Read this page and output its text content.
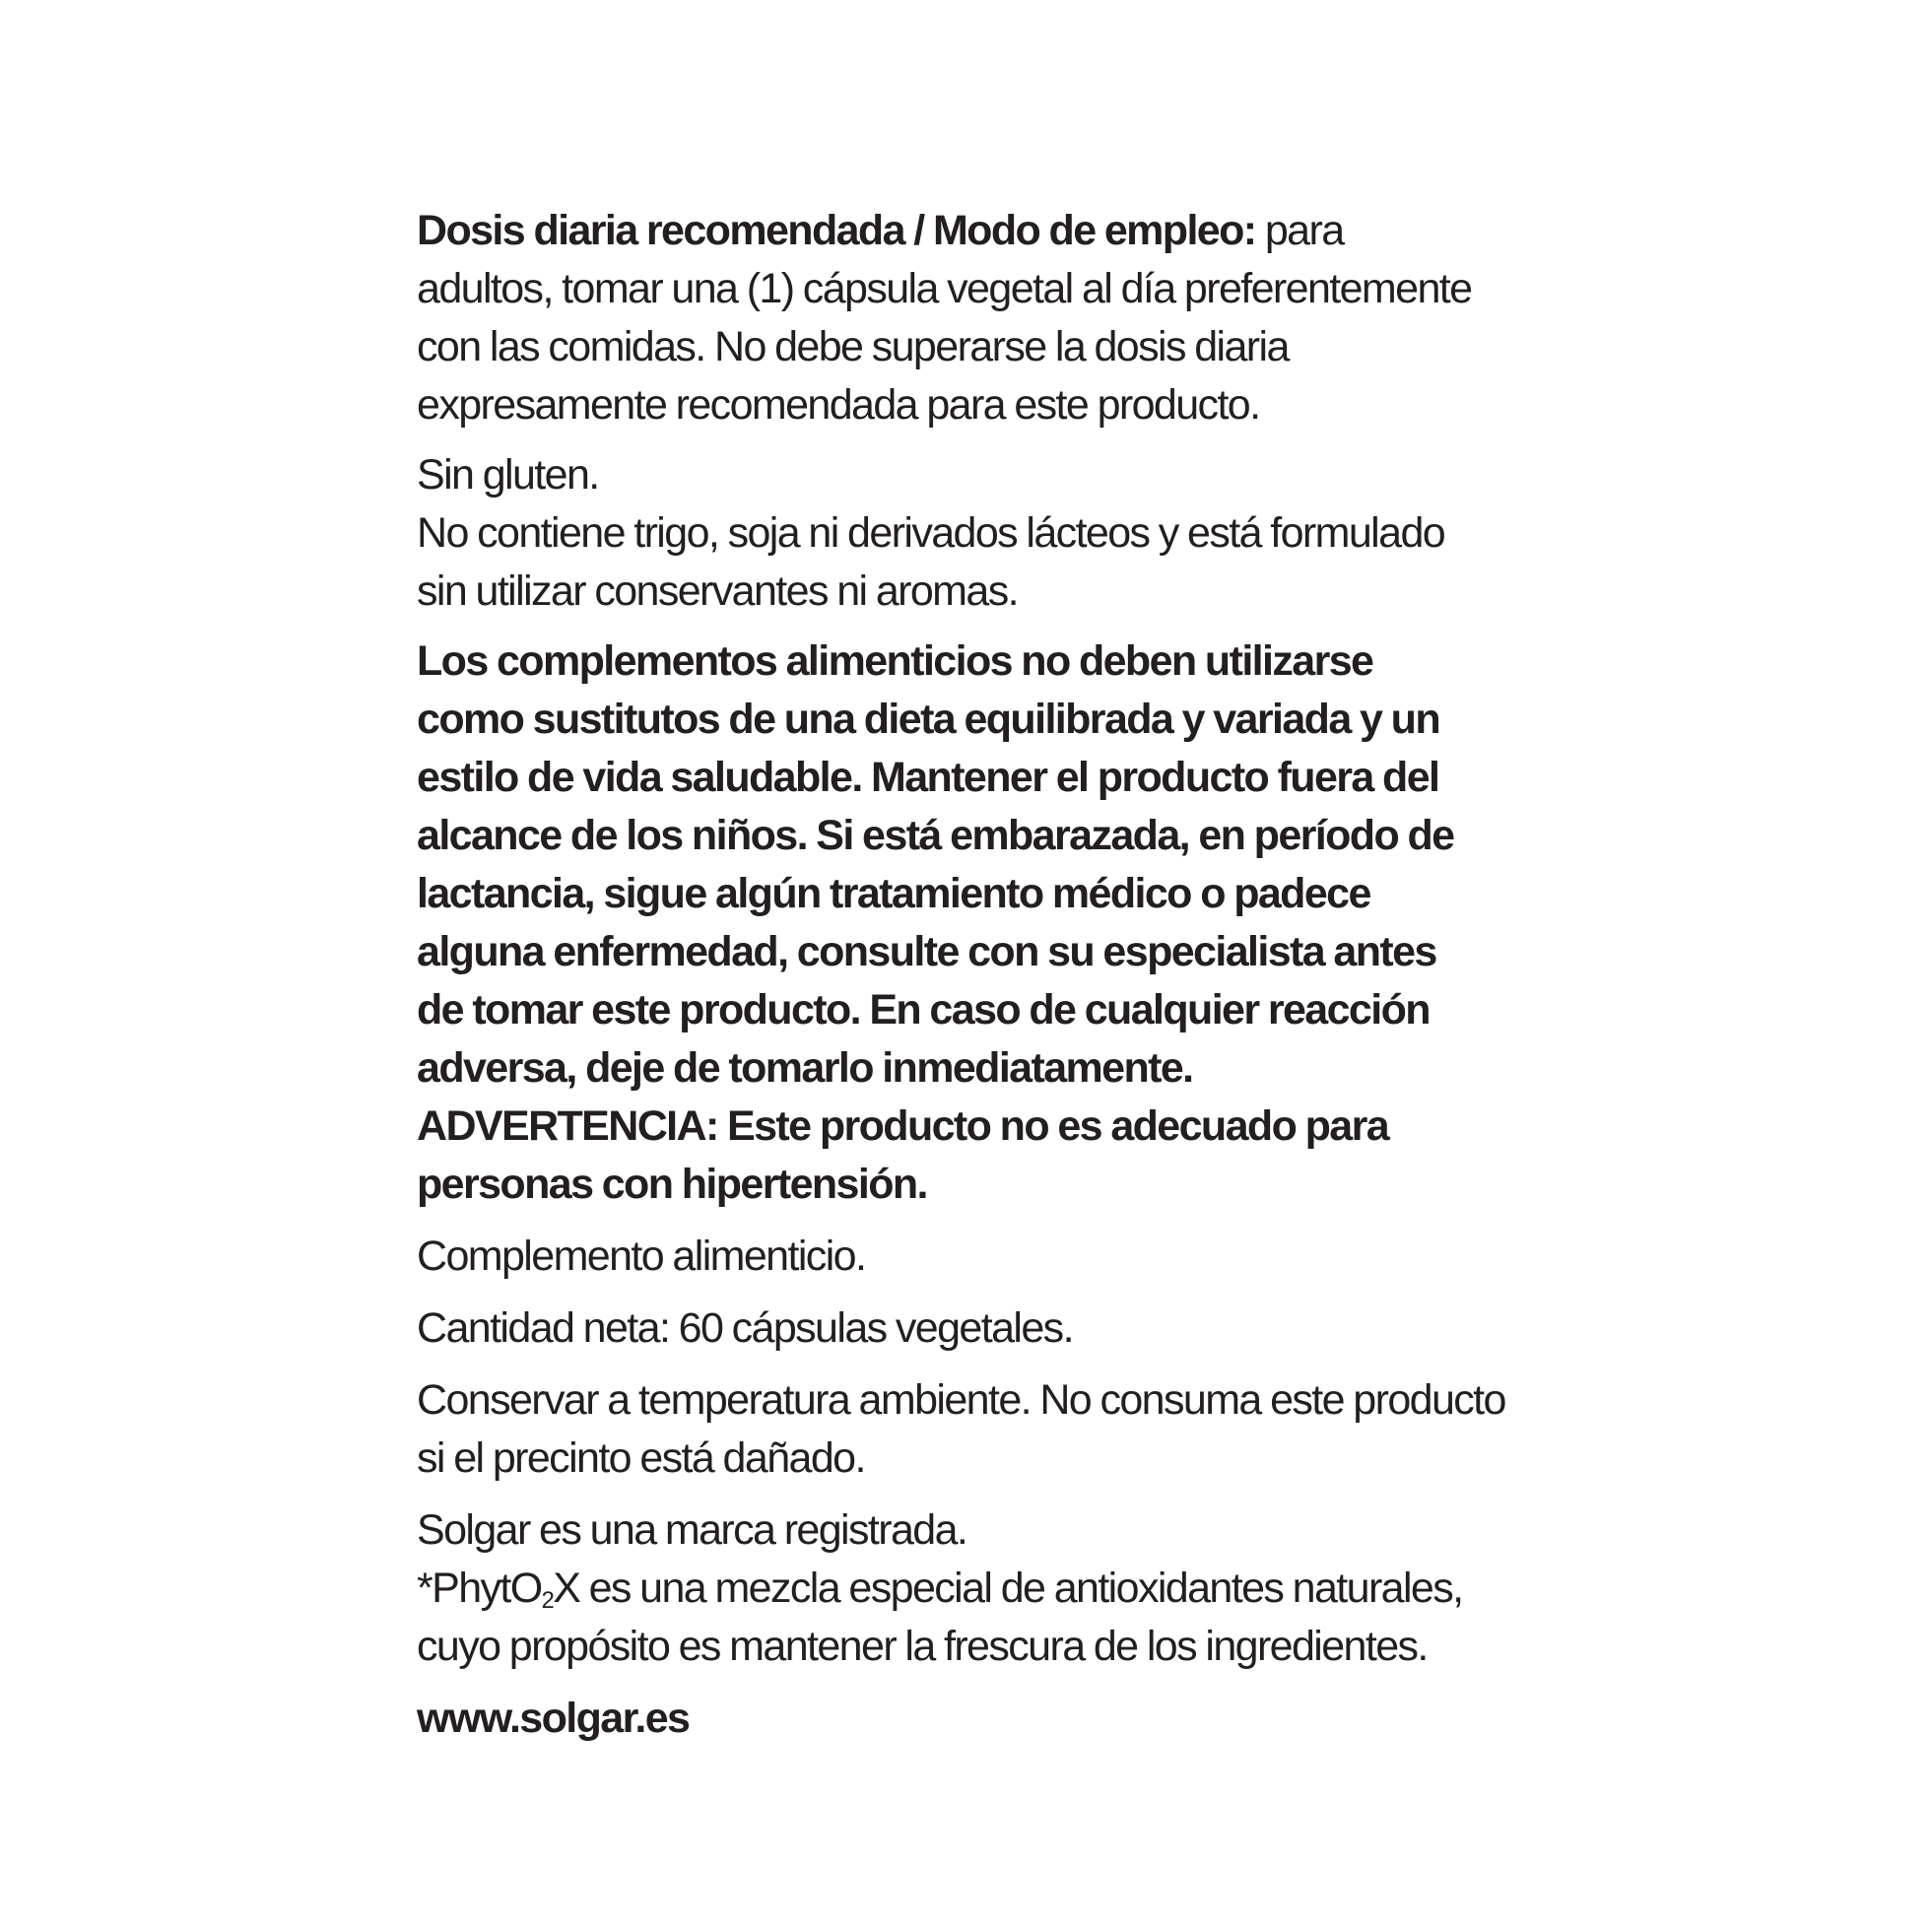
Dosis diaria recomendada / Modo de empleo: para
adultos, tomar una (1) cápsula vegetal al día preferentemente
con las comidas. No debe superarse la dosis diaria
expresamente recomendada para este producto.

Sin gluten.
No contiene trigo, soja ni derivados lácteos y está formulado
sin utilizar conservantes ni aromas.

Los complementos alimenticios no deben utilizarse
como sustitutos de una dieta equilibrada y variada y un
estilo de vida saludable. Mantener el producto fuera del
alcance de los niños. Si está embarazada, en período de
lactancia, sigue algún tratamiento médico o padece
alguna enfermedad, consulte con su especialista antes
de tomar este producto. En caso de cualquier reacción
adversa, deje de tomarlo inmediatamente.
ADVERTENCIA: Este producto no es adecuado para
personas con hipertensión.

Complemento alimenticio.

Cantidad neta: 60 cápsulas vegetales.

Conservar a temperatura ambiente. No consuma este producto
si el precinto está dañado.

Solgar es una marca registrada.

*PhytO$_2$X es una mezcla especial de antioxidantes naturales,
cuyo propósito es mantener la frescura de los ingredientes.

www.solgar.es
